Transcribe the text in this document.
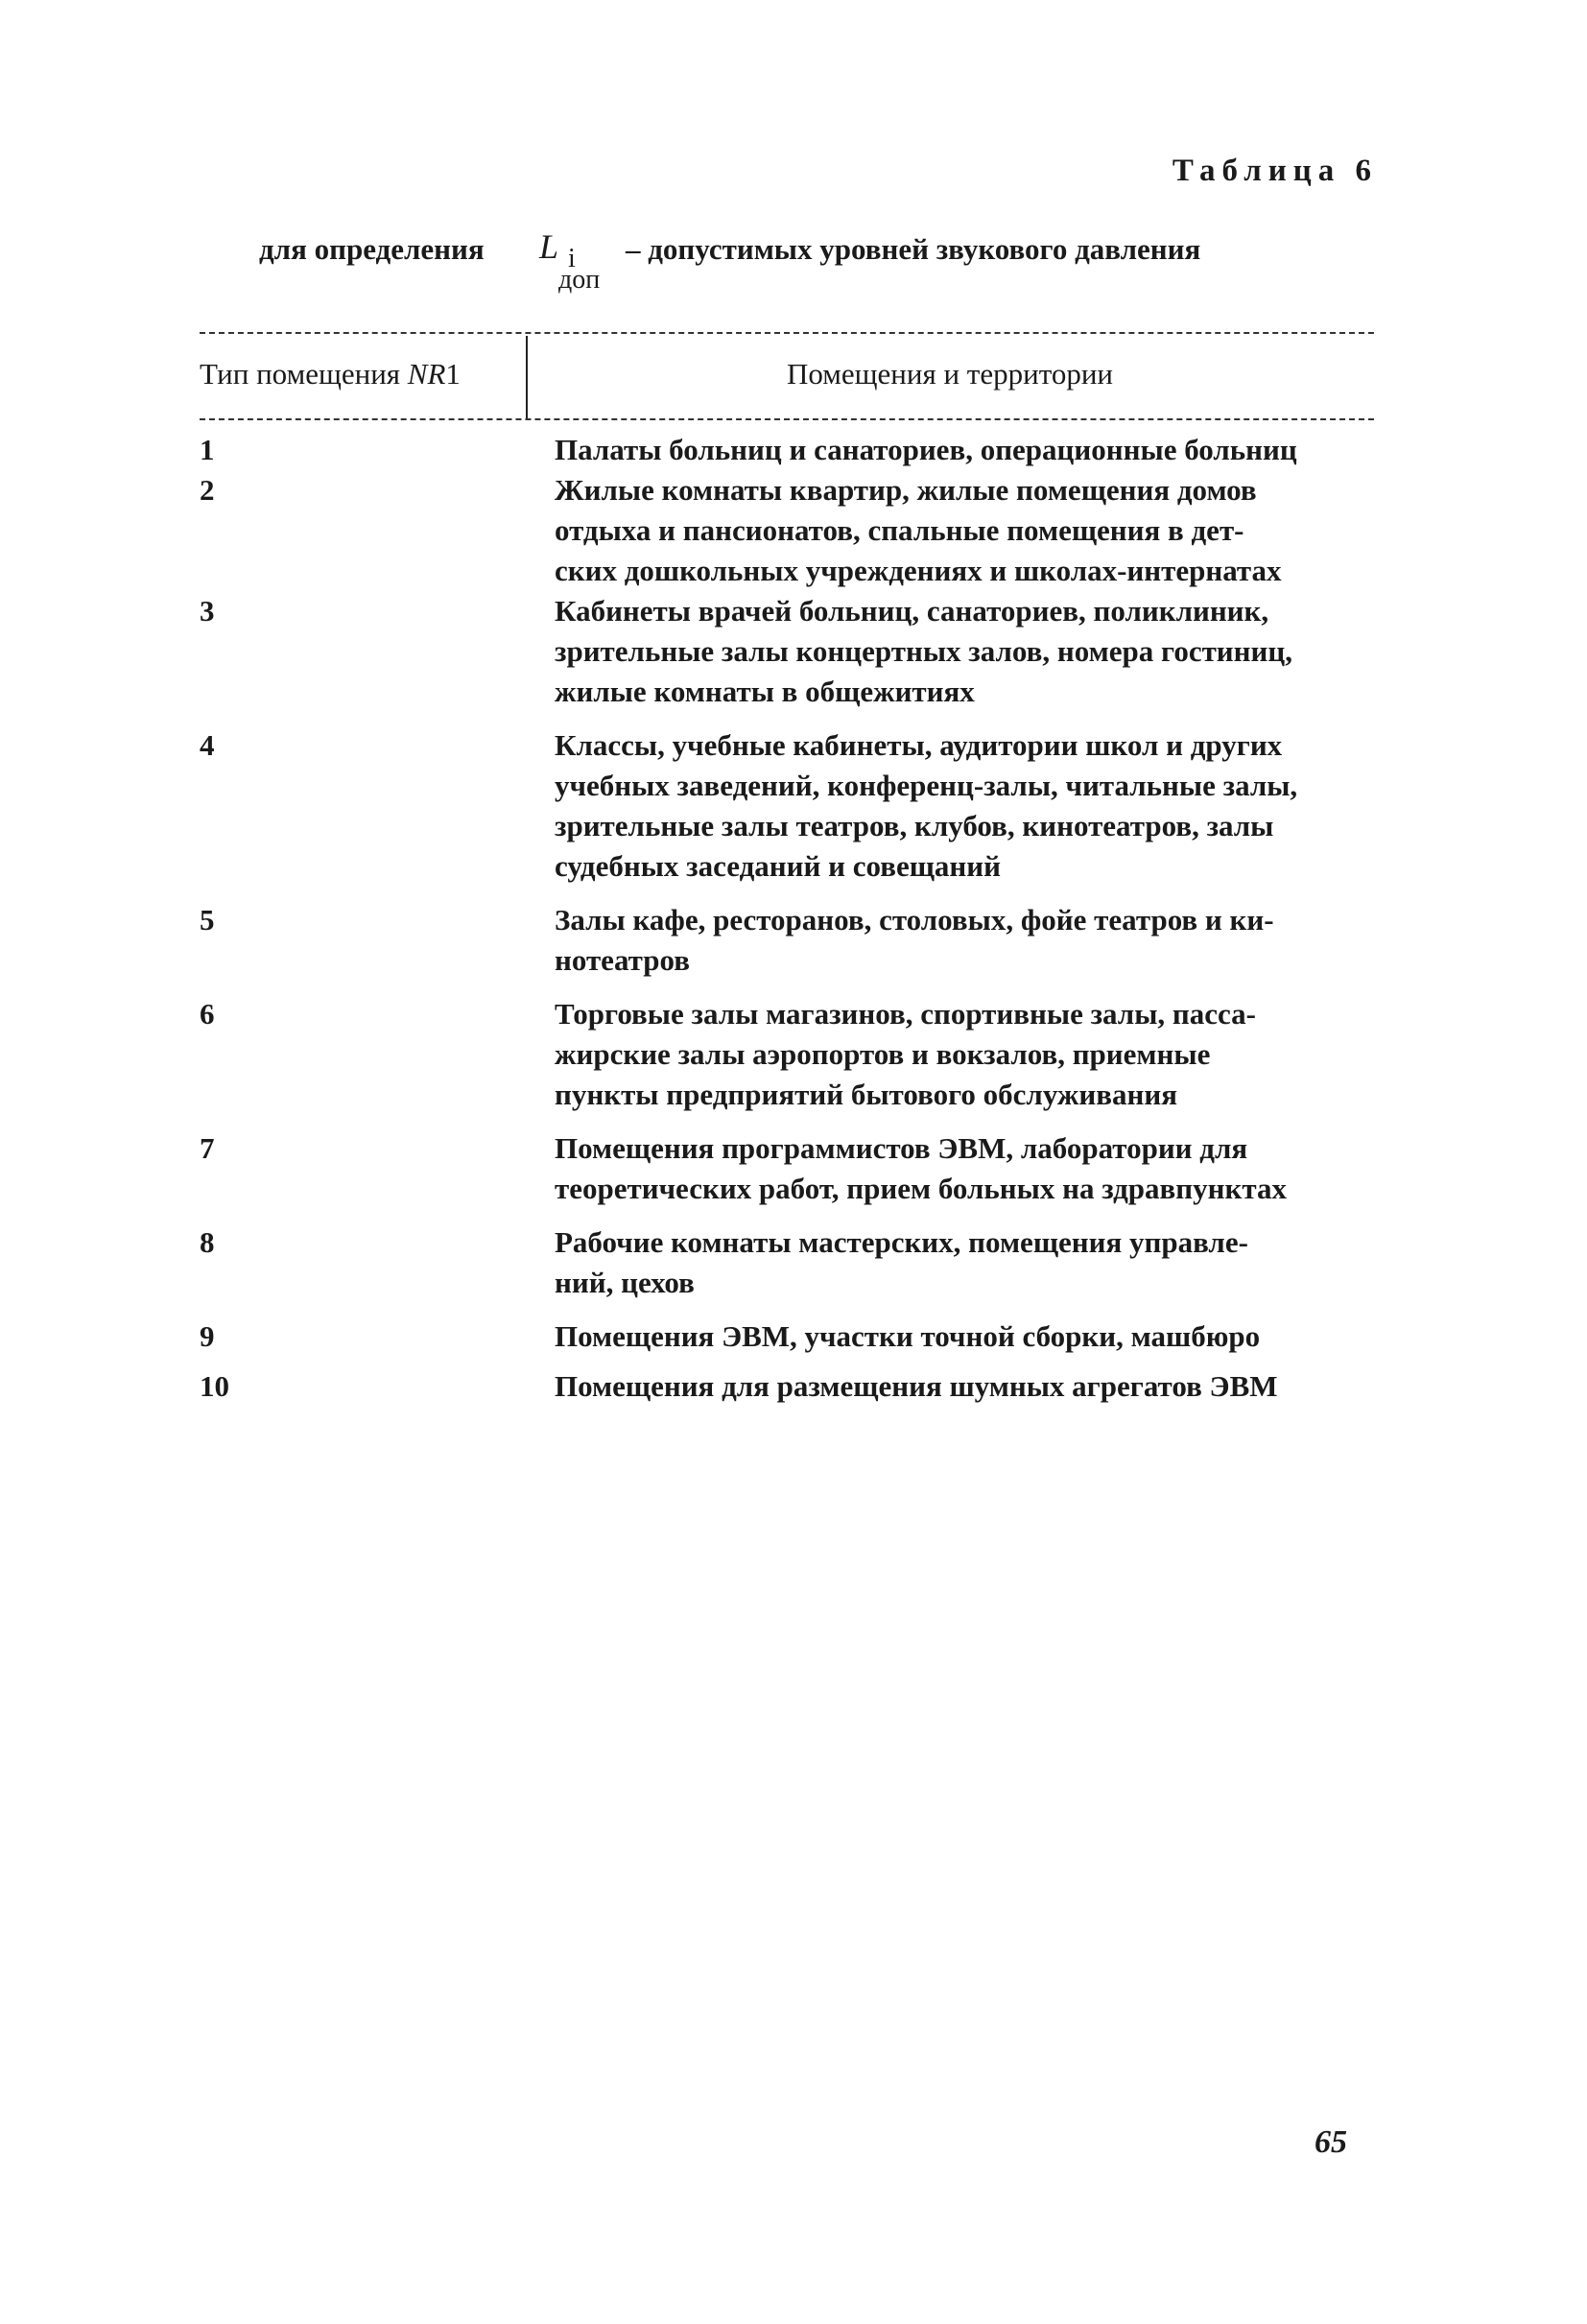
Таблица 6
для определения L i
доп
– допустимых уровней звукового давления
Тип помещения NR1	Помещения и территории
1	Палаты больниц и санаториев, операционные больниц
2	Жилые комнаты квартир, жилые помещения домов
отдыха и пансионатов, спальные помещения в дет-
ских дошкольных учреждениях и школах-интернатах
3	Кабинеты врачей больниц, санаториев, поликлиник,
зрительные залы концертных залов, номера гостиниц,
жилые комнаты в общежитиях
4	Классы, учебные кабинеты, аудитории школ и других
учебных заведений, конференц-залы, читальные залы,
зрительные залы театров, клубов, кинотеатров, залы
судебных заседаний и совещаний
5	Залы кафе, ресторанов, столовых, фойе театров и ки-
нотеатров
6	Торговые залы магазинов, спортивные залы, пасса-
жирские залы аэропортов и вокзалов, приемные
пункты предприятий бытового обслуживания
7	Помещения программистов ЭВМ, лаборатории для
теоретических работ, прием больных на здравпунктах
8	Рабочие комнаты мастерских, помещения управле-
ний, цехов
9	Помещения ЭВМ, участки точной сборки, машбюро
10	Помещения для размещения шумных агрегатов ЭВМ
65
